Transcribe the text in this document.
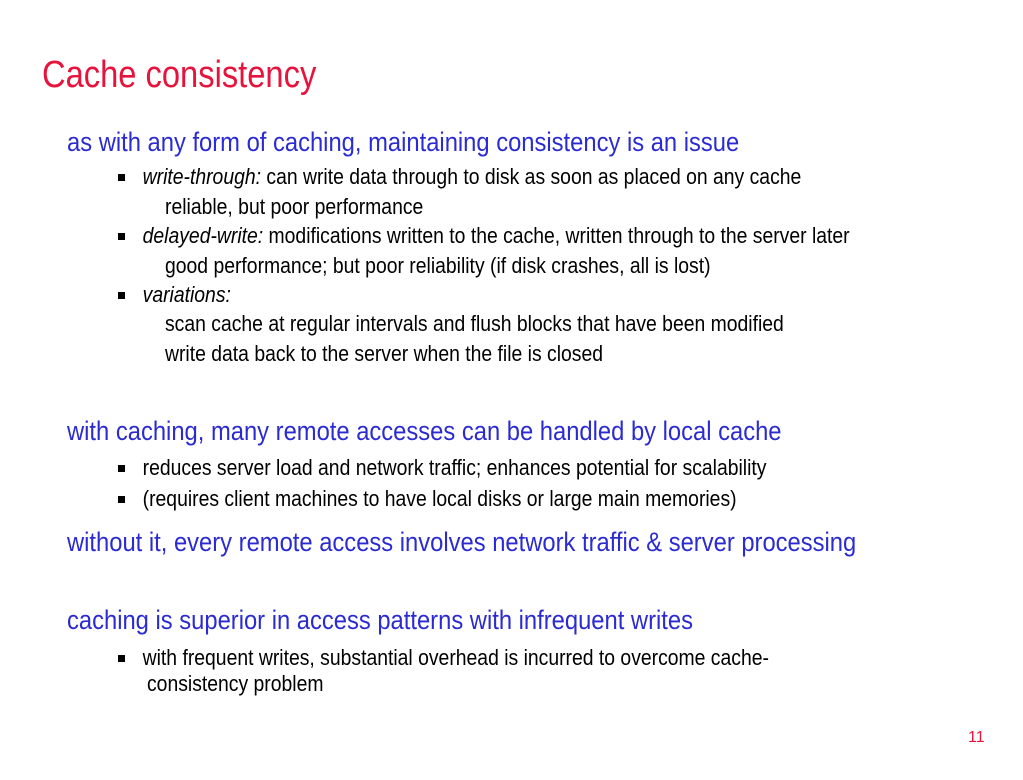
Cache consistency

as with any form of caching, maintaining consistency is an issue

write-through: can write data through to disk as soon as placed on any cache

reliable, but poor performance

delayed-write: modifications written to the cache, written through to the server later

good performance; but poor reliability (if disk crashes, all is lost)

variations:

scan cache at regular intervals and flush blocks that have been modified

write data back to the server when the file is closed

with caching, many remote accesses can be handled by local cache

reduces server load and network traffic; enhances potential for scalability

(requires client machines to have local disks or large main memories)

without it, every remote access involves network traffic & server processing

caching is superior in access patterns with infrequent writes

with frequent writes, substantial overhead is incurred to overcome cache-

consistency problem

11
